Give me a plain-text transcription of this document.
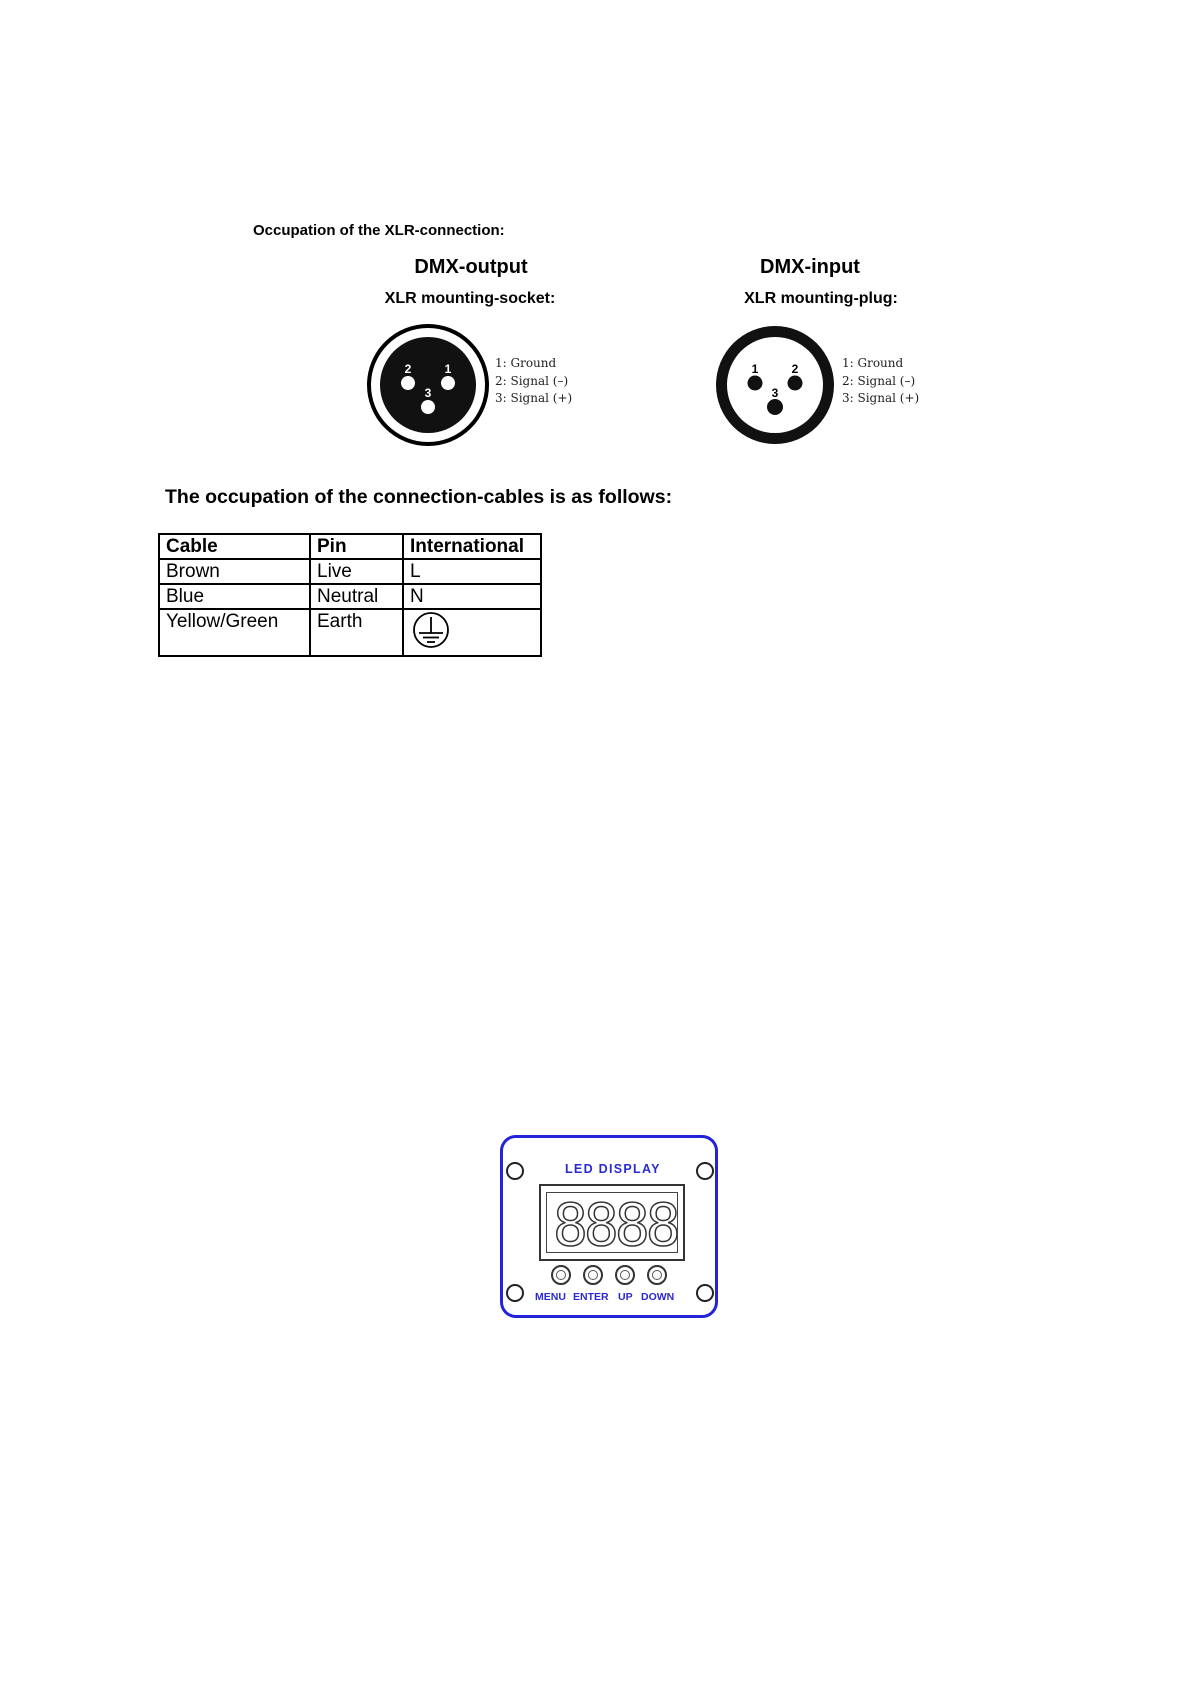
Occupation of the XLR-connection:
DMX-output
XLR mounting-socket:
2	1
3
1: Ground
2: Signal (–)
3: Signal (+)
DMX-input
XLR mounting-plug:
1	2
3
1: Ground
2: Signal (–)
3: Signal (+)
The occupation of the connection-cables is as follows:
Cable	Pin	International
Brown	Live	L
Blue	Neutral	N
Yellow/Green	Earth	
LED DISPLAY
8888
MENU ENTER UP DOWN
